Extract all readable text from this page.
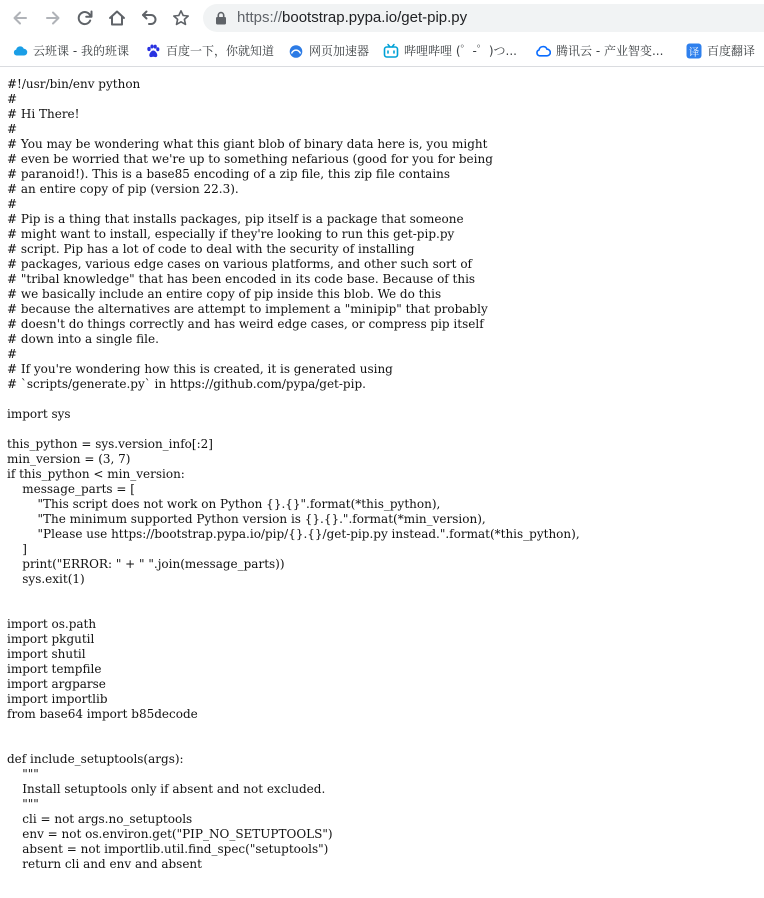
https://bootstrap.pypa.io/get-pip.py
云班课 - 我的班课	百度一下，你就知道	网页加速器	哔哩哔哩 (゜-゜)つ...	腾讯云 - 产业智变... 译 百度翻译
#!/usr/bin/env python
#
# Hi There!
#
# You may be wondering what this giant blob of binary data here is, you might
# even be worried that we're up to something nefarious (good for you for being
# paranoid!). This is a base85 encoding of a zip file, this zip file contains
# an entire copy of pip (version 22.3).
#
# Pip is a thing that installs packages, pip itself is a package that someone
# might want to install, especially if they're looking to run this get-pip.py
# script. Pip has a lot of code to deal with the security of installing
# packages, various edge cases on various platforms, and other such sort of
# "tribal knowledge" that has been encoded in its code base. Because of this
# we basically include an entire copy of pip inside this blob. We do this
# because the alternatives are attempt to implement a "minipip" that probably
# doesn't do things correctly and has weird edge cases, or compress pip itself
# down into a single file.
#
# If you're wondering how this is created, it is generated using
# `scripts/generate.py` in https://github.com/pypa/get-pip.

import sys

this_python = sys.version_info[:2]
min_version = (3, 7)
if this_python < min_version:
message_parts = [
"This script does not work on Python {}.{}".format(*this_python),
"The minimum supported Python version is {}.{}.".format(*min_version),
"Please use https://bootstrap.pypa.io/pip/{}.{}/get-pip.py instead.".format(*this_python),
]
print("ERROR: " + " ".join(message_parts))
sys.exit(1)

import os.path
import pkgutil
import shutil
import tempfile
import argparse
import importlib
from base64 import b85decode

def include_setuptools(args):
"""
Install setuptools only if absent and not excluded.
"""
cli = not args.no_setuptools
env = not os.environ.get("PIP_NO_SETUPTOOLS")
absent = not importlib.util.find_spec("setuptools")
return cli and env and absent
